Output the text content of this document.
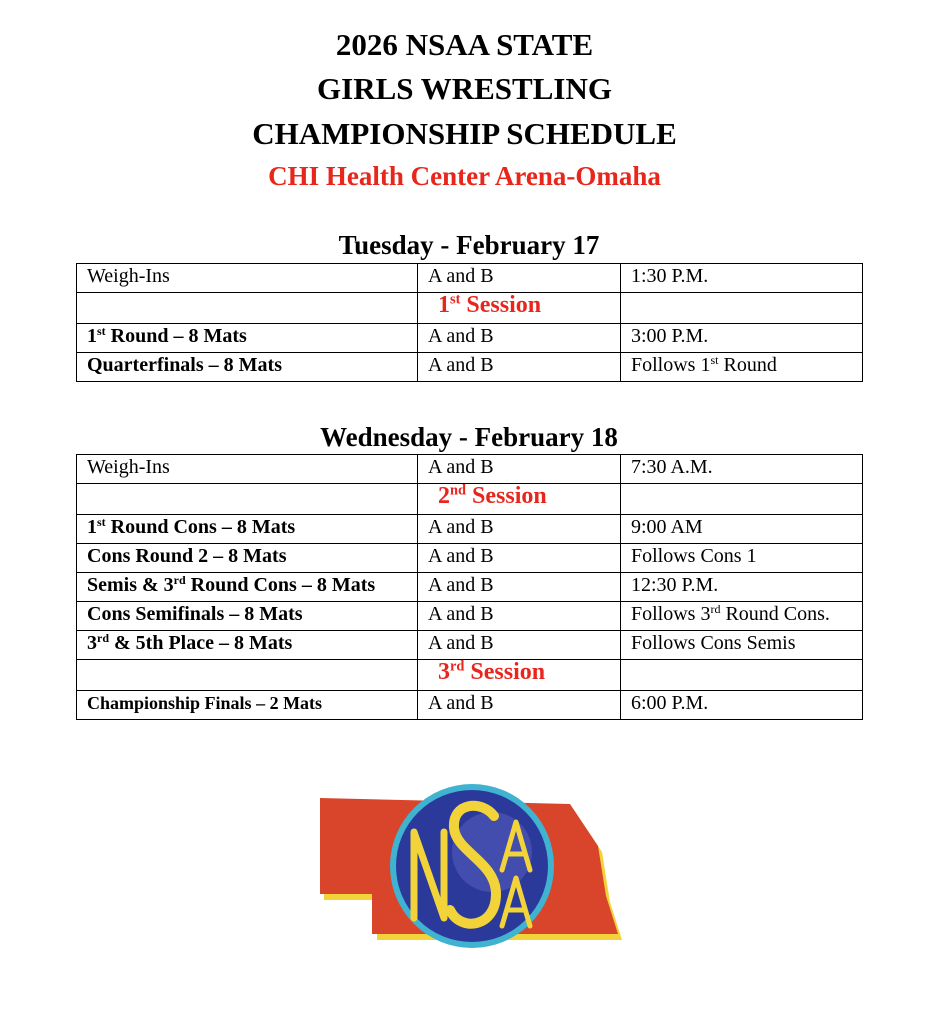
2026 NSAA STATE
GIRLS WRESTLING
CHAMPIONSHIP SCHEDULE
CHI Health Center Arena-Omaha
Tuesday - February 17
Weigh-Ins	A and B	1:30 P.M.
	1st Session	
1st Round – 8 Mats	A and B	3:00 P.M.
Quarterfinals – 8 Mats	A and B	Follows 1st Round
Wednesday - February 18
Weigh-Ins	A and B	7:30 A.M.
	2nd Session	
1st Round Cons – 8 Mats	A and B	9:00 AM
Cons Round 2 – 8 Mats	A and B	Follows Cons 1
Semis & 3rd Round Cons – 8 Mats	A and B	12:30 P.M.
Cons Semifinals – 8 Mats	A and B	Follows 3rd Round Cons.
3rd & 5th Place – 8 Mats	A and B	Follows Cons Semis
	3rd Session	
Championship Finals – 2 Mats	A and B	6:00 P.M.
